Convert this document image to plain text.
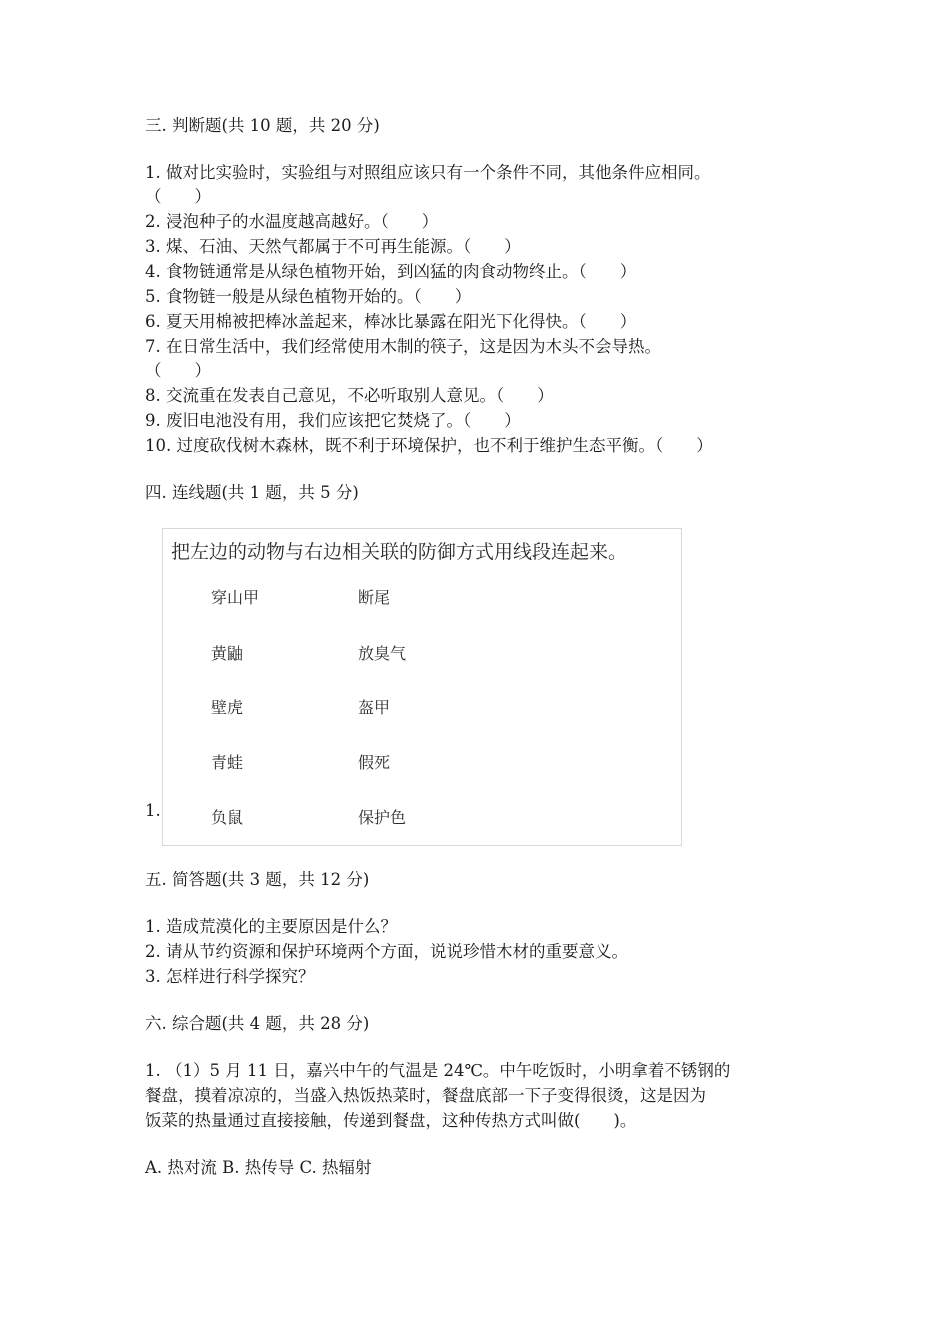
三. 判断题(共 10 题，共 20 分)
1. 做对比实验时，实验组与对照组应该只有一个条件不同，其他条件应相同。
（　　）
2. 浸泡种子的水温度越高越好。（　　）
3. 煤、石油、天然气都属于不可再生能源。（　　）
4. 食物链通常是从绿色植物开始，到凶猛的肉食动物终止。（　　）
5. 食物链一般是从绿色植物开始的。（　　）
6. 夏天用棉被把棒冰盖起来，棒冰比暴露在阳光下化得快。（　　）
7. 在日常生活中，我们经常使用木制的筷子，这是因为木头不会导热。
（　　）
8. 交流重在发表自己意见，不必听取别人意见。（　　）
9. 废旧电池没有用，我们应该把它焚烧了。（　　）
10. 过度砍伐树木森林，既不利于环境保护，也不利于维护生态平衡。（　　）
四. 连线题(共 1 题，共 5 分)
1.
把左边的动物与右边相关联的防御方式用线段连起来。
穿山甲
黄鼬
壁虎
青蛙
负鼠
断尾
放臭气
盔甲
假死
保护色
五. 简答题(共 3 题，共 12 分)
1. 造成荒漠化的主要原因是什么？
2. 请从节约资源和保护环境两个方面，说说珍惜木材的重要意义。
3. 怎样进行科学探究？
六. 综合题(共 4 题，共 28 分)
1. （1）5 月 11 日，嘉兴中午的气温是 24℃。中午吃饭时，小明拿着不锈钢的
餐盘，摸着凉凉的，当盛入热饭热菜时，餐盘底部一下子变得很烫，这是因为
饭菜的热量通过直接接触，传递到餐盘，这种传热方式叫做(　　)。
A. 热对流 B. 热传导 C. 热辐射
